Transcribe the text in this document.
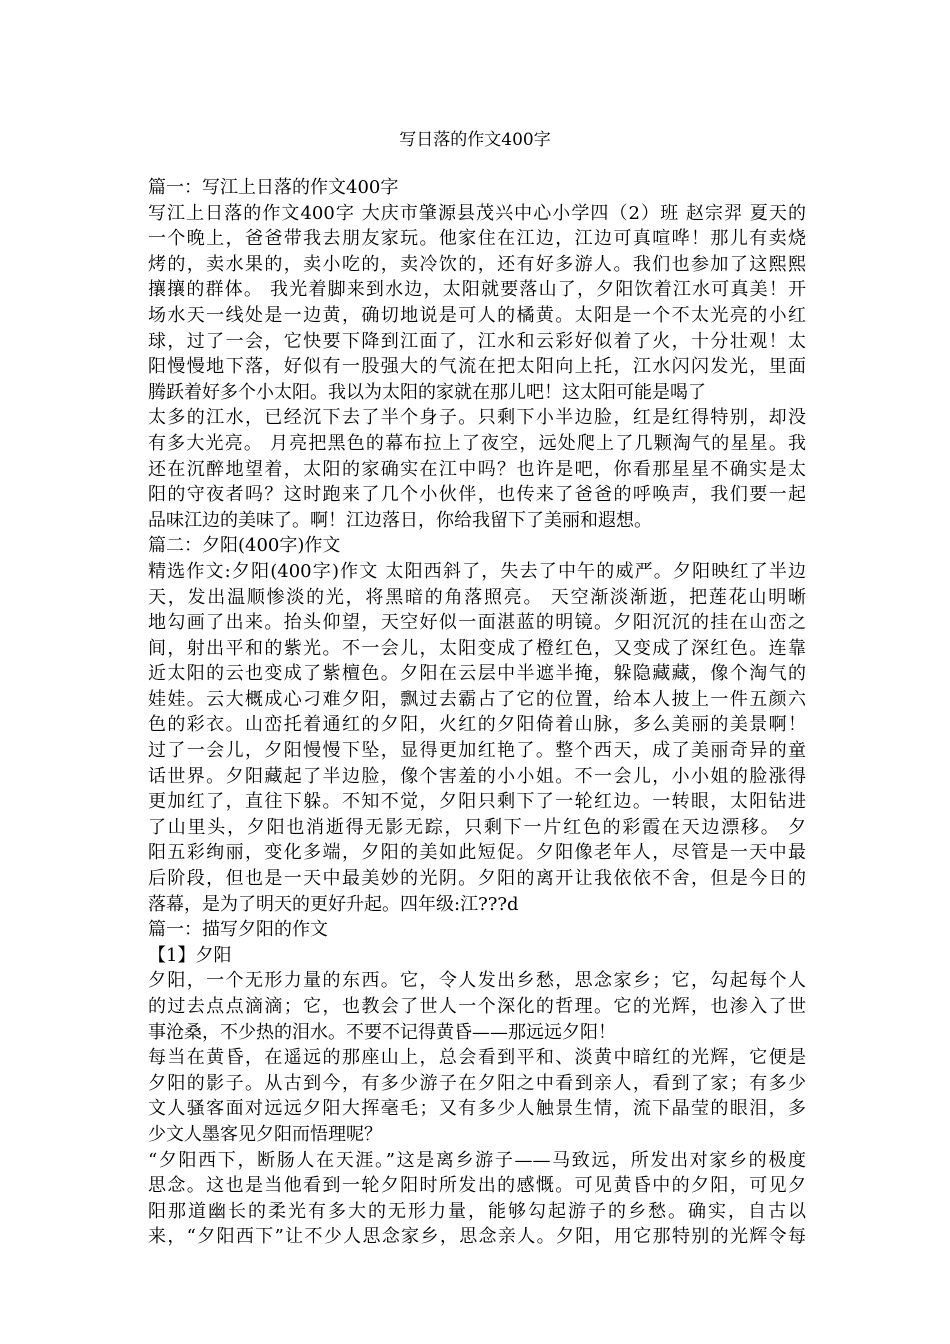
写日落的作文400字
篇一：写江上日落的作文400字
写江上日落的作文400字 大庆市肇源县茂兴中心小学四（2）班 赵宗羿 夏天的
一个晚上，爸爸带我去朋友家玩。他家住在江边，江边可真喧哗！那儿有卖烧
烤的，卖水果的，卖小吃的，卖冷饮的，还有好多游人。我们也参加了这熙熙
攘攘的群体。 我光着脚来到水边，太阳就要落山了，夕阳饮着江水可真美！开
场水天一线处是一边黄，确切地说是可人的橘黄。太阳是一个不太光亮的小红
球，过了一会，它快要下降到江面了，江水和云彩好似着了火，十分壮观！太
阳慢慢地下落，好似有一股强大的气流在把太阳向上托，江水闪闪发光，里面
腾跃着好多个小太阳。我以为太阳的家就在那儿吧！这太阳可能是喝了
太多的江水，已经沉下去了半个身子。只剩下小半边脸，红是红得特别，却没
有多大光亮。 月亮把黑色的幕布拉上了夜空，远处爬上了几颗淘气的星星。我
还在沉醉地望着，太阳的家确实在江中吗？也许是吧，你看那星星不确实是太
阳的守夜者吗？这时跑来了几个小伙伴，也传来了爸爸的呼唤声，我们要一起
品味江边的美味了。啊！江边落日，你给我留下了美丽和遐想。
篇二：夕阳(400字)作文
精选作文:夕阳(400字)作文 太阳西斜了，失去了中午的威严。夕阳映红了半边
天，发出温顺惨淡的光，将黑暗的角落照亮。 天空渐淡渐逝，把莲花山明晰
地勾画了出来。抬头仰望，天空好似一面湛蓝的明镜。夕阳沉沉的挂在山峦之
间，射出平和的紫光。不一会儿，太阳变成了橙红色，又变成了深红色。连靠
近太阳的云也变成了紫檀色。夕阳在云层中半遮半掩，躲隐藏藏，像个淘气的
娃娃。云大概成心刁难夕阳，飘过去霸占了它的位置，给本人披上一件五颜六
色的彩衣。山峦托着通红的夕阳，火红的夕阳倚着山脉，多么美丽的美景啊！
过了一会儿，夕阳慢慢下坠，显得更加红艳了。整个西天，成了美丽奇异的童
话世界。夕阳藏起了半边脸，像个害羞的小小姐。不一会儿，小小姐的脸涨得
更加红了，直往下躲。不知不觉，夕阳只剩下了一轮红边。一转眼，太阳钻进
了山里头，夕阳也消逝得无影无踪，只剩下一片红色的彩霞在天边漂移。 夕
阳五彩绚丽，变化多端，夕阳的美如此短促。夕阳像老年人，尽管是一天中最
后阶段，但也是一天中最美妙的光阴。夕阳的离开让我依依不舍，但是今日的
落幕，是为了明天的更好升起。四年级:江???d
篇一：描写夕阳的作文
【1】夕阳
夕阳，一个无形力量的东西。它，令人发出乡愁，思念家乡；它，勾起每个人
的过去点点滴滴；它，也教会了世人一个深化的哲理。它的光辉，也渗入了世
事沧桑，不少热的泪水。不要不记得黄昏——那远远夕阳！
每当在黄昏，在遥远的那座山上，总会看到平和、淡黄中暗红的光辉，它便是
夕阳的影子。从古到今，有多少游子在夕阳之中看到亲人，看到了家；有多少
文人骚客面对远远夕阳大挥毫毛；又有多少人触景生情，流下晶莹的眼泪，多
少文人墨客见夕阳而悟理呢？
“夕阳西下，断肠人在天涯。”这是离乡游子——马致远，所发出对家乡的极度
思念。这也是当他看到一轮夕阳时所发出的感慨。可见黄昏中的夕阳，可见夕
阳那道幽长的柔光有多大的无形力量，能够勾起游子的乡愁。确实，自古以
来，“夕阳西下”让不少人思念家乡，思念亲人。夕阳，用它那特别的光辉令每
